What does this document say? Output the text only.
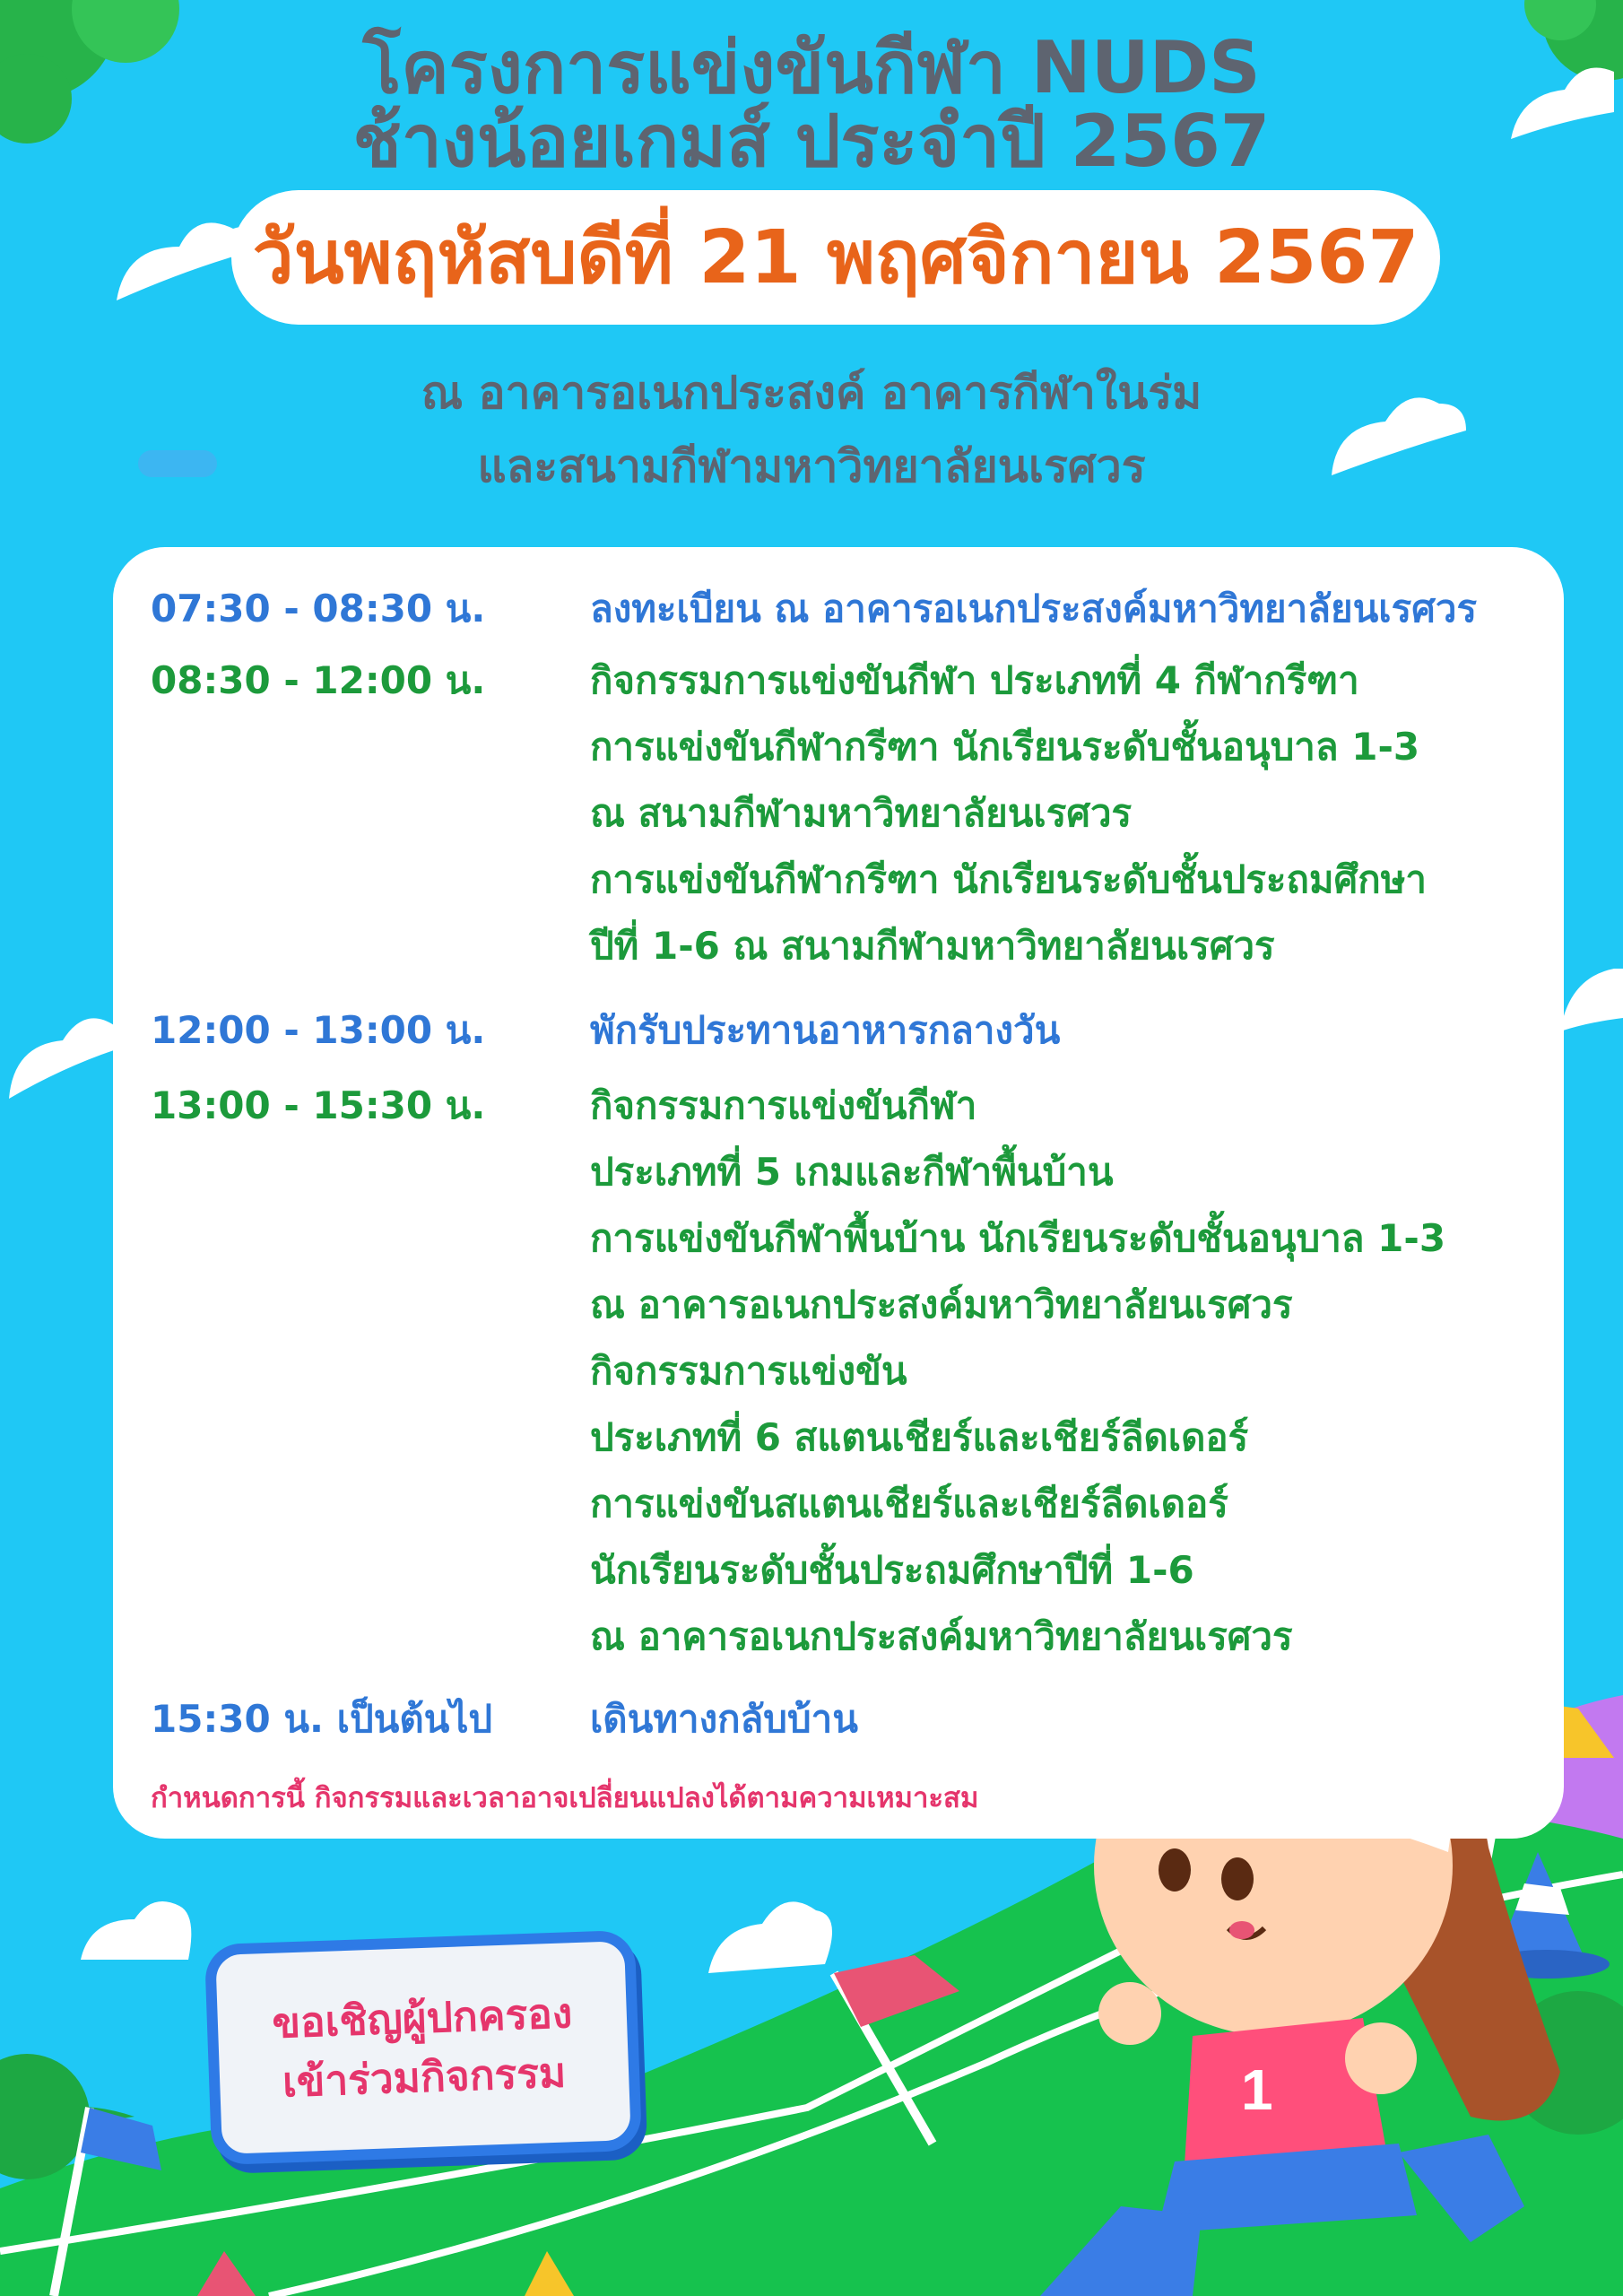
1
โครงการแข่งขันกีฬา NUDS
ช้างน้อยเกมส์ ประจำปี 2567
วันพฤหัสบดีที่ 21 พฤศจิกายน 2567
ณ อาคารอเนกประสงค์ อาคารกีฬาในร่ม
และสนามกีฬามหาวิทยาลัยนเรศวร
07:30 - 08:30 น.	ลงทะเบียน ณ อาคารอเนกประสงค์มหาวิทยาลัยนเรศวร
08:30 - 12:00 น.	กิจกรรมการแข่งขันกีฬา ประเภทที่ 4 กีฬากรีฑา
การแข่งขันกีฬากรีฑา นักเรียนระดับชั้นอนุบาล 1-3
ณ สนามกีฬามหาวิทยาลัยนเรศวร
การแข่งขันกีฬากรีฑา นักเรียนระดับชั้นประถมศึกษา
ปีที่ 1-6 ณ สนามกีฬามหาวิทยาลัยนเรศวร
12:00 - 13:00 น.	พักรับประทานอาหารกลางวัน
13:00 - 15:30 น.	กิจกรรมการแข่งขันกีฬา
ประเภทที่ 5 เกมและกีฬาพื้นบ้าน
การแข่งขันกีฬาพื้นบ้าน นักเรียนระดับชั้นอนุบาล 1-3
ณ อาคารอเนกประสงค์มหาวิทยาลัยนเรศวร
กิจกรรมการแข่งขัน
ประเภทที่ 6 สแตนเชียร์และเชียร์ลีดเดอร์
การแข่งขันสแตนเชียร์และเชียร์ลีดเดอร์
นักเรียนระดับชั้นประถมศึกษาปีที่ 1-6
ณ อาคารอเนกประสงค์มหาวิทยาลัยนเรศวร
15:30 น. เป็นต้นไป	เดินทางกลับบ้าน
กำหนดการนี้ กิจกรรมและเวลาอาจเปลี่ยนแปลงได้ตามความเหมาะสม
ขอเชิญผู้ปกครอง
เข้าร่วมกิจกรรม
